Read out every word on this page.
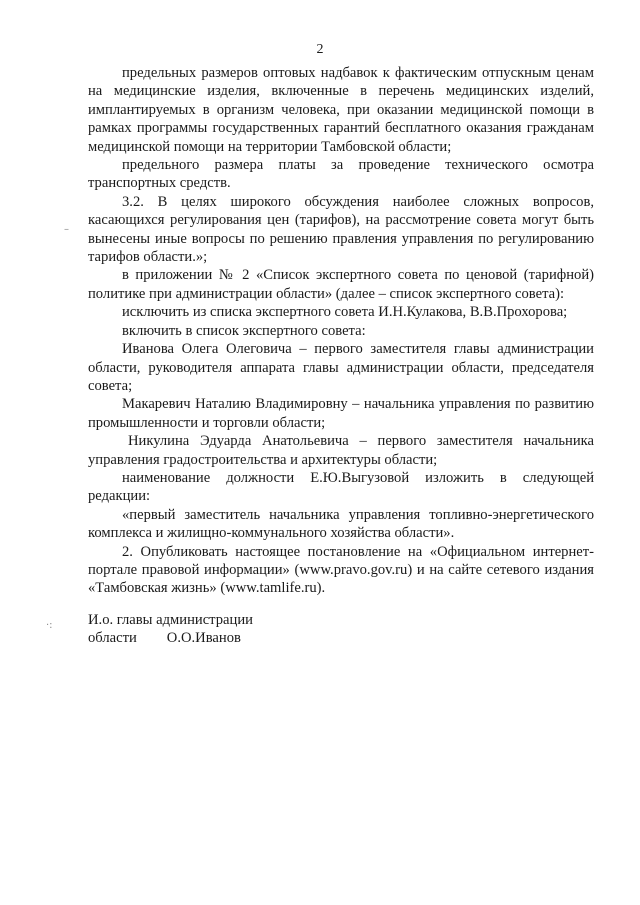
2

предельных размеров оптовых надбавок к фактическим отпускным ценам на медицинские изделия, включенные в перечень медицинских изделий, имплантируемых в организм человека, при оказании медицинской помощи в рамках программы государственных гарантий бесплатного оказания гражданам медицинской помощи на территории Тамбовской области;

предельного размера платы за проведение технического осмотра транспортных средств.

3.2. В целях широкого обсуждения наиболее сложных вопросов, касающихся регулирования цен (тарифов), на рассмотрение совета могут быть вынесены иные вопросы по решению правления управления по регулированию тарифов области.»;

в приложении № 2 «Список экспертного совета по ценовой (тарифной) политике при администрации области» (далее – список экспертного совета):

исключить из списка экспертного совета И.Н.Кулакова, В.В.Прохорова;

включить в список экспертного совета:

Иванова Олега Олеговича – первого заместителя главы администрации области, руководителя аппарата главы администрации области, председателя совета;

Макаревич Наталию Владимировну – начальника управления по развитию промышленности и торговли области;

Никулина Эдуарда Анатольевича – первого заместителя начальника управления градостроительства и архитектуры области;

наименование должности Е.Ю.Выгузовой изложить в следующей редакции:

«первый заместитель начальника управления топливно-энергетического комплекса и жилищно-коммунального хозяйства области».

2. Опубликовать настоящее постановление на «Официальном интернет-портале правовой информации» (www.pravo.gov.ru) и на сайте сетевого издания «Тамбовская жизнь» (www.tamlife.ru).

И.о. главы администрации
области О.О.Иванов
–
·:
